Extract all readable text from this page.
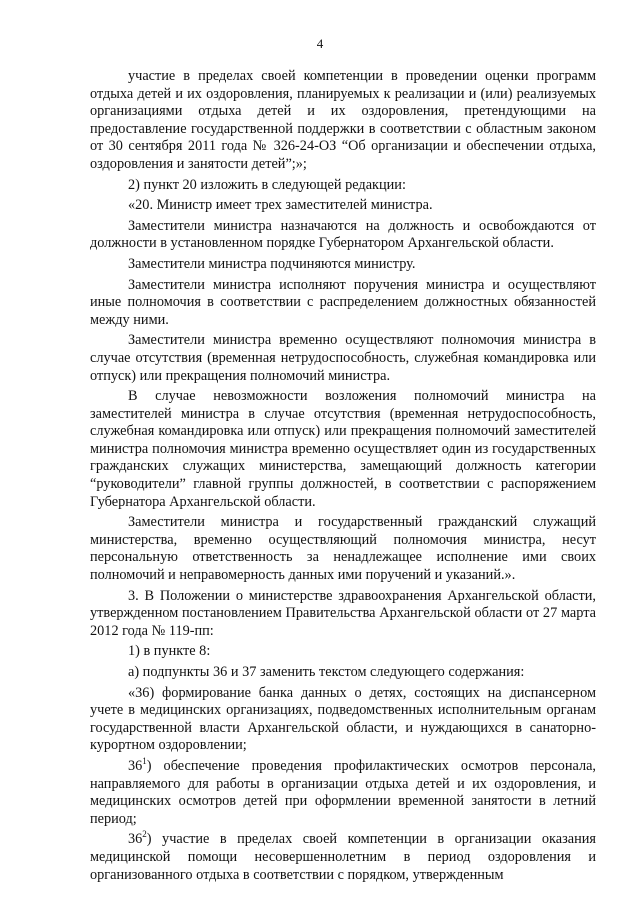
4

участие в пределах своей компетенции в проведении оценки программ отдыха детей и их оздоровления, планируемых к реализации и (или) реализуемых организациями отдыха детей и их оздоровления, претендующими на предоставление государственной поддержки в соответствии с областным законом от 30 сентября 2011 года № 326-24-ОЗ “Об организации и обеспечении отдыха, оздоровления и занятости детей”;»;

2) пункт 20 изложить в следующей редакции:

«20. Министр имеет трех заместителей министра.

Заместители министра назначаются на должность и освобождаются от должности в установленном порядке Губернатором Архангельской области.

Заместители министра подчиняются министру.

Заместители министра исполняют поручения министра и осуществляют иные полномочия в соответствии с распределением должностных обязанностей между ними.

Заместители министра временно осуществляют полномочия министра в случае отсутствия (временная нетрудоспособность, служебная командировка или отпуск) или прекращения полномочий министра.

В случае невозможности возложения полномочий министра на заместителей министра в случае отсутствия (временная нетрудоспособность, служебная командировка или отпуск) или прекращения полномочий заместителей министра полномочия министра временно осуществляет один из государственных гражданских служащих министерства, замещающий должность категории “руководители” главной группы должностей, в соответствии с распоряжением Губернатора Архангельской области.

Заместители министра и государственный гражданский служащий министерства, временно осуществляющий полномочия министра, несут персональную ответственность за ненадлежащее исполнение ими своих полномочий и неправомерность данных ими поручений и указаний.».

3. В Положении о министерстве здравоохранения Архангельской области, утвержденном постановлением Правительства Архангельской области от 27 марта 2012 года № 119-пп:

1) в пункте 8:

а) подпункты 36 и 37 заменить текстом следующего содержания:

«36) формирование банка данных о детях, состоящих на диспансерном учете в медицинских организациях, подведомственных исполнительным органам государственной власти Архангельской области, и нуждающихся в санаторно-курортном оздоровлении;

$36^1$) обеспечение проведения профилактических осмотров персонала, направляемого для работы в организации отдыха детей и их оздоровления, и медицинских осмотров детей при оформлении временной занятости в летний период;

$36^2$) участие в пределах своей компетенции в организации оказания медицинской помощи несовершеннолетним в период оздоровления и организованного отдыха в соответствии с порядком, утвержденным
